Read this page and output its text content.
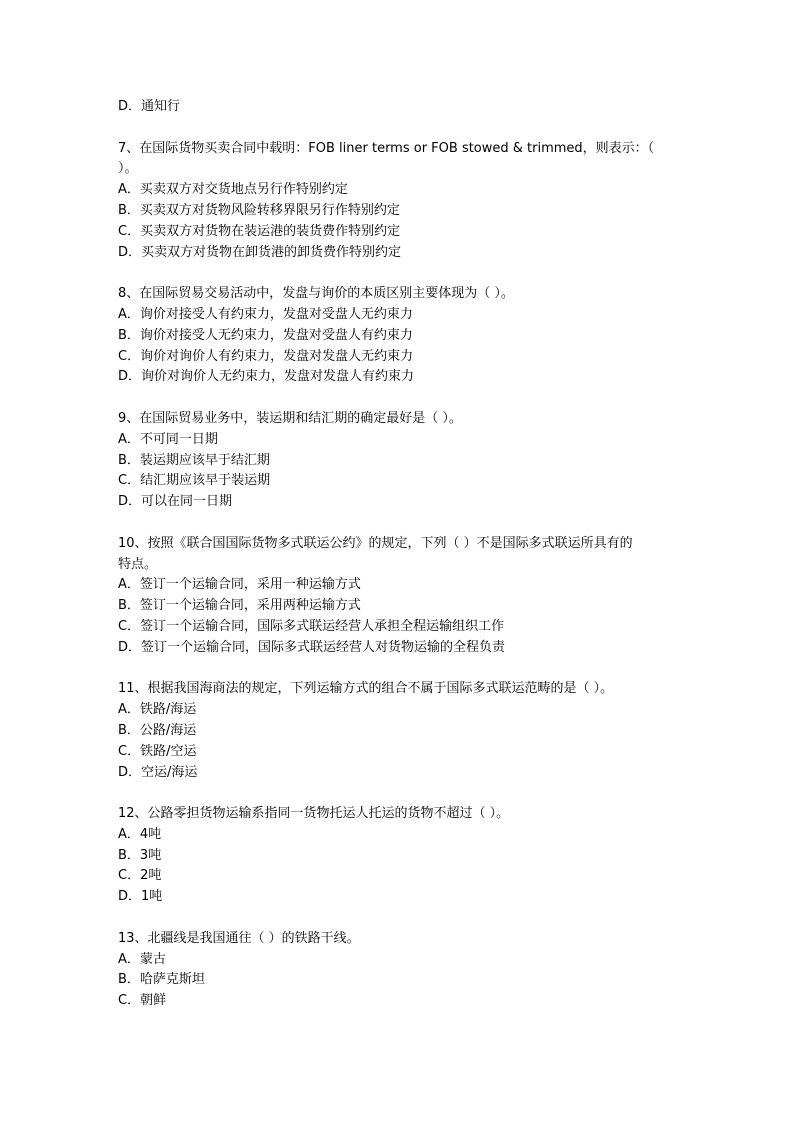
D．通知行
7、在国际货物买卖合同中载明：FOB liner terms or FOB stowed & trimmed，则表示：（
）。
A．买卖双方对交货地点另行作特别约定
B．买卖双方对货物风险转移界限另行作特别约定
C．买卖双方对货物在装运港的装货费作特别约定
D．买卖双方对货物在卸货港的卸货费作特别约定
8、在国际贸易交易活动中，发盘与询价的本质区别主要体现为（ ）。
A．询价对接受人有约束力，发盘对受盘人无约束力
B．询价对接受人无约束力，发盘对受盘人有约束力
C．询价对询价人有约束力，发盘对发盘人无约束力
D．询价对询价人无约束力，发盘对发盘人有约束力
9、在国际贸易业务中，装运期和结汇期的确定最好是（ ）。
A．不可同一日期
B．装运期应该早于结汇期
C．结汇期应该早于装运期
D．可以在同一日期
10、按照《联合国国际货物多式联运公约》的规定，下列（ ）不是国际多式联运所具有的
特点。
A．签订一个运输合同，采用一种运输方式
B．签订一个运输合同，采用两种运输方式
C．签订一个运输合同，国际多式联运经营人承担全程运输组织工作
D．签订一个运输合同，国际多式联运经营人对货物运输的全程负责
11、根据我国海商法的规定，下列运输方式的组合不属于国际多式联运范畴的是（ ）。
A．铁路/海运
B．公路/海运
C．铁路/空运
D．空运/海运
12、公路零担货物运输系指同一货物托运人托运的货物不超过（ ）。
A．4吨
B．3吨
C．2吨
D．1吨
13、北疆线是我国通往（ ）的铁路干线。
A．蒙古
B．哈萨克斯坦
C．朝鲜
